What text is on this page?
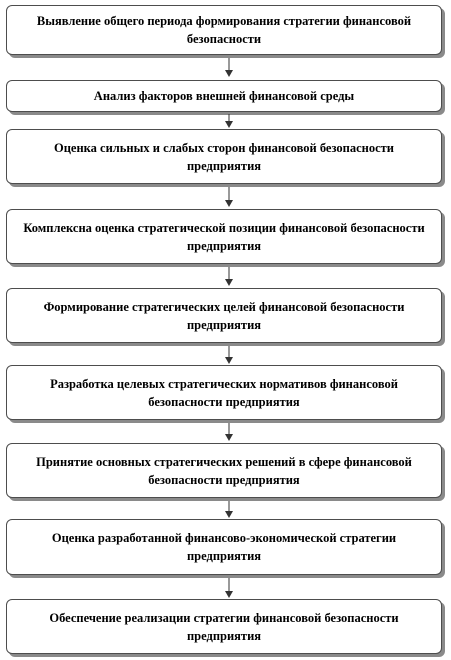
Выявление общего периода формирования стратегии финансовой безопасности
Анализ факторов внешней финансовой среды
Оценка сильных и слабых сторон финансовой безопасности предприятия
Комплексна оценка стратегической позиции финансовой безопасности предприятия
Формирование стратегических целей финансовой безопасности предприятия
Разработка целевых стратегических нормативов финансовой безопасности предприятия
Принятие основных стратегических решений в сфере финансовой безопасности предприятия
Оценка разработанной финансово-экономической стратегии предприятия
Обеспечение реализации стратегии финансовой безопасности предприятия
